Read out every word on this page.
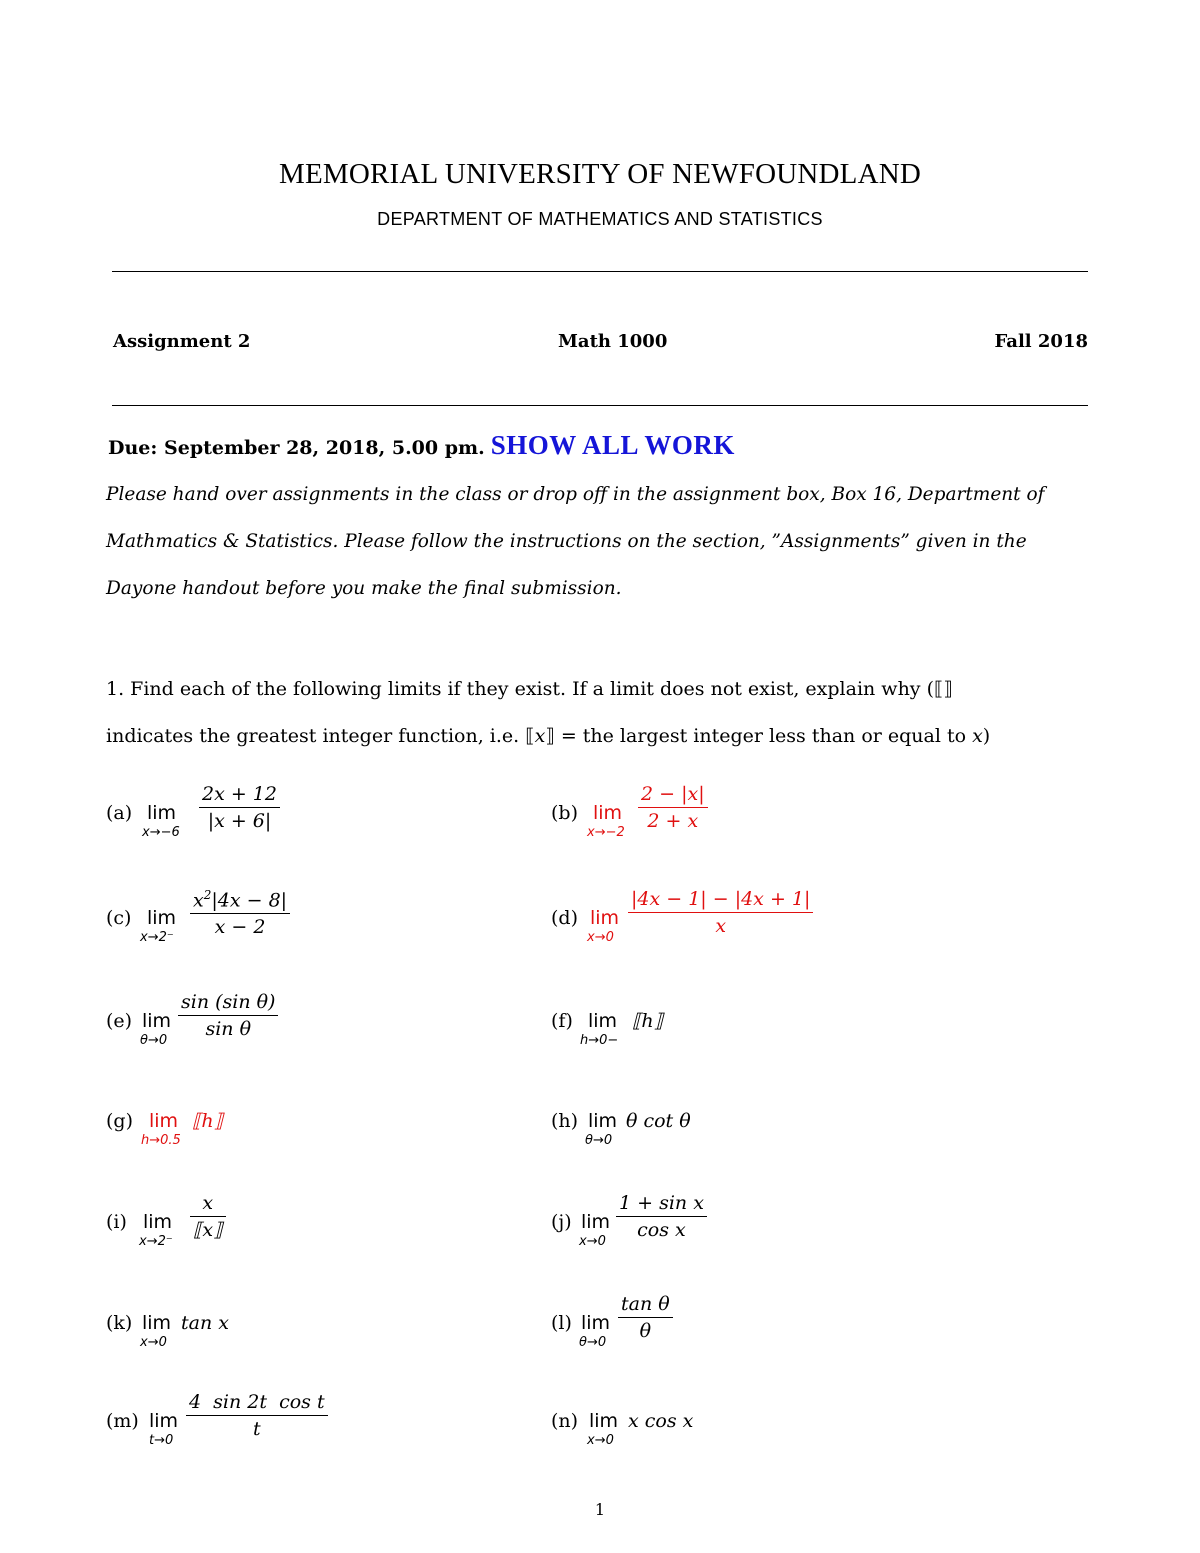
MEMORIAL UNIVERSITY OF NEWFOUNDLAND
DEPARTMENT OF MATHEMATICS AND STATISTICS
Assignment 2	Math 1000	Fall 2018
Due: September 28, 2018, 5.00 pm. SHOW ALL WORK
Please hand over assignments in the class or drop off in the assignment box, Box 16, Department of
Mathmatics & Statistics. Please follow the instructions on the section, ”Assignments” given in the
Dayone handout before you make the final submission.
1. Find each of the following limits if they exist. If a limit does not exist, explain why (⟦⟧
indicates the greatest integer function, i.e. ⟦x⟧ = the largest integer less than or equal to x)
(a) lim
x→−6
2x + 12
|x + 6|	(b) lim
x→−2
2 − |x|
2 + x
(c) lim
x→2⁻
$x^2|4x - 8|$
x − 2	(d) lim
x→0
|4x − 1| − |4x + 1|
x
(e) lim
θ→0
sin (sin θ)
sin θ	(f) lim
h→0−
⟦h⟧
(g) lim
h→0.5
⟦h⟧	(h) lim
θ→0
θ cot θ
(i) lim
x→2⁻
x
⟦x⟧	(j) lim
x→0
1 + sin x
cos x
(k) lim
x→0
tan x	(l) lim
θ→0
tan θ
θ
(m) lim
t→0
4  sin 2t  cos t
t	(n) lim
x→0
x cos x
1
